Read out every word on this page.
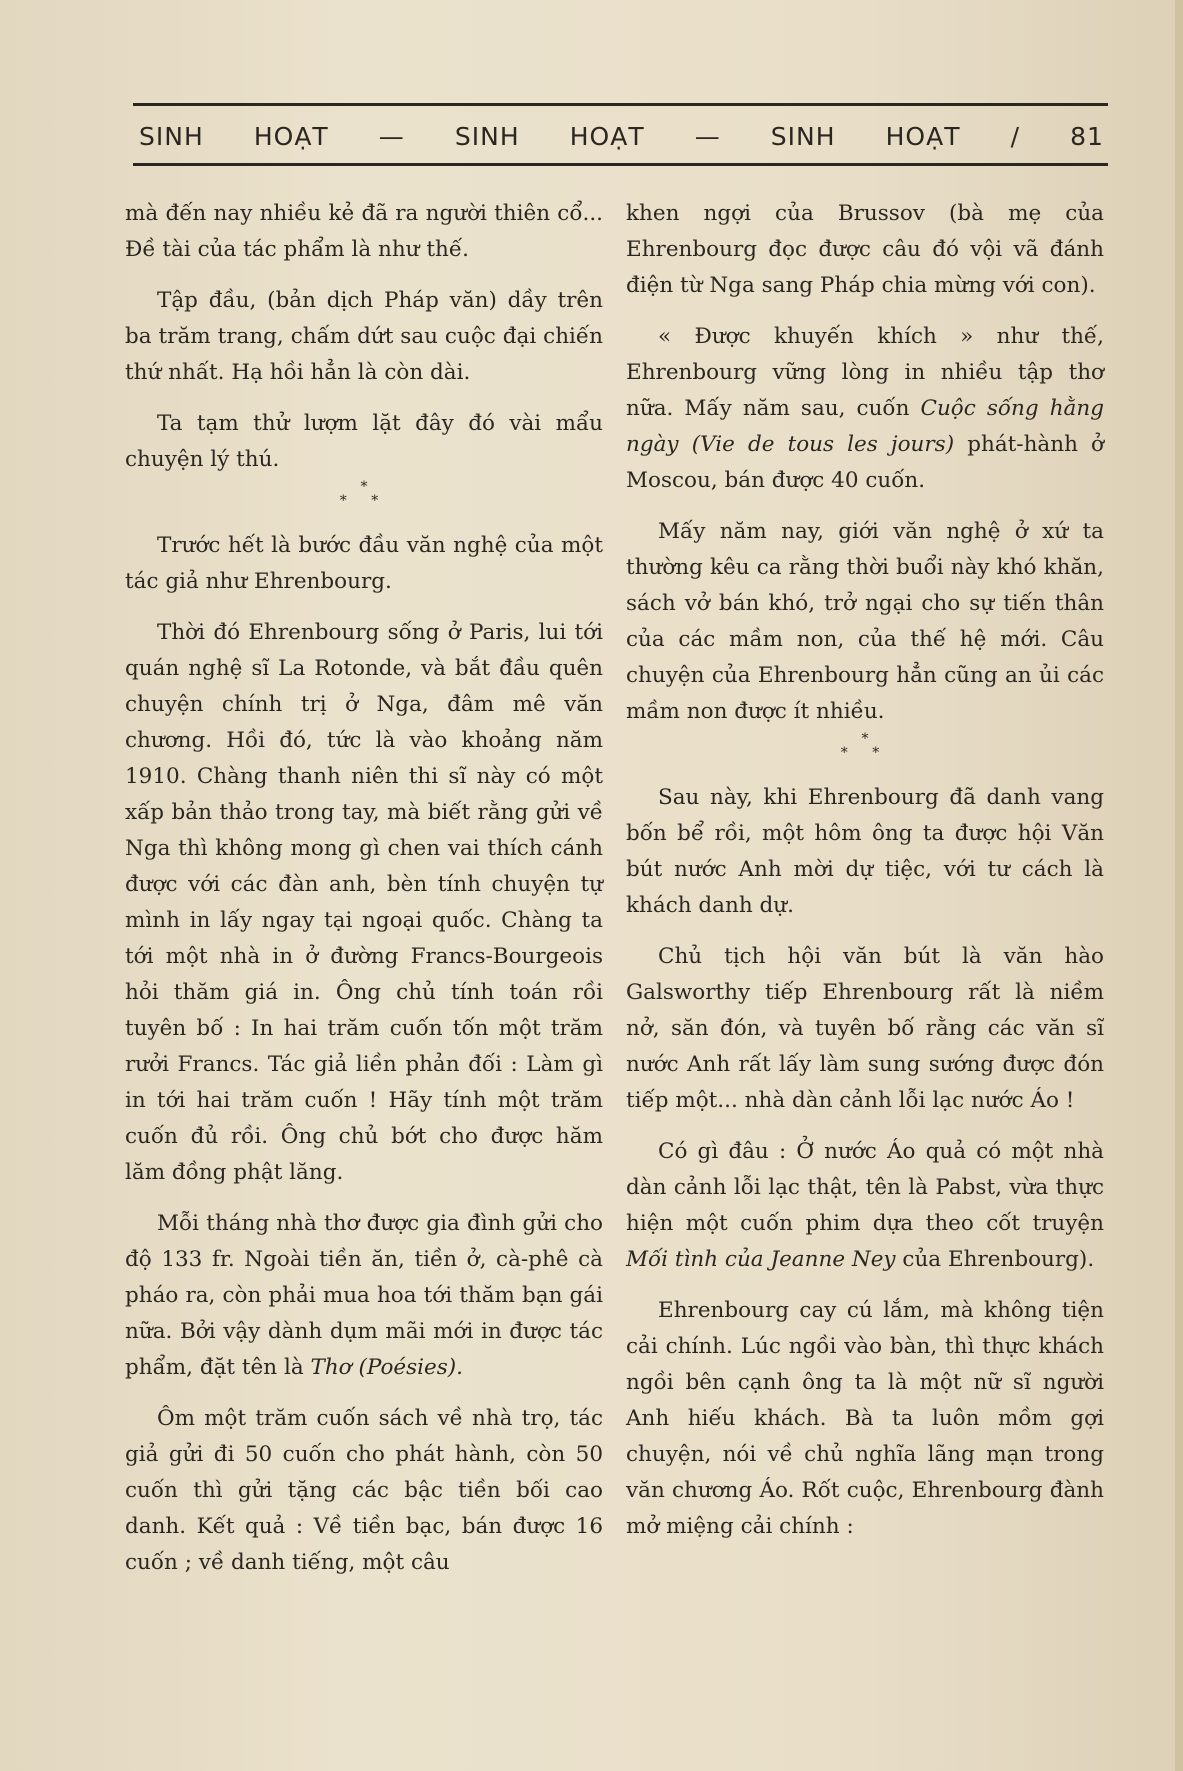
SINH HOẠT — SINH HOẠT — SINH HOẠT / 81

mà đến nay nhiều kẻ đã ra người thiên cổ... Đề tài của tác phẩm là như thế.

Tập đầu, (bản dịch Pháp văn) dầy trên ba trăm trang, chấm dứt sau cuộc đại chiến thứ nhất. Hạ hồi hẳn là còn dài.

Ta tạm thử lượm lặt đây đó vài mẩu chuyện lý thú.

*
* *

Trước hết là bước đầu văn nghệ của một tác giả như Ehrenbourg.

Thời đó Ehrenbourg sống ở Paris, lui tới quán nghệ sĩ La Rotonde, và bắt đầu quên chuyện chính trị ở Nga, đâm mê văn chương. Hồi đó, tức là vào khoảng năm 1910. Chàng thanh niên thi sĩ này có một xấp bản thảo trong tay, mà biết rằng gửi về Nga thì không mong gì chen vai thích cánh được với các đàn anh, bèn tính chuyện tự mình in lấy ngay tại ngoại quốc. Chàng ta tới một nhà in ở đường Francs-Bourgeois hỏi thăm giá in. Ông chủ tính toán rồi tuyên bố : In hai trăm cuốn tốn một trăm rưởi Francs. Tác giả liền phản đối : Làm gì in tới hai trăm cuốn ! Hãy tính một trăm cuốn đủ rồi. Ông chủ bớt cho được hăm lăm đồng phật lăng.

Mỗi tháng nhà thơ được gia đình gửi cho độ 133 fr. Ngoài tiền ăn, tiền ở, cà-phê cà pháo ra, còn phải mua hoa tới thăm bạn gái nữa. Bởi vậy dành dụm mãi mới in được tác phẩm, đặt tên là Thơ (Poésies).

Ôm một trăm cuốn sách về nhà trọ, tác giả gửi đi 50 cuốn cho phát hành, còn 50 cuốn thì gửi tặng các bậc tiền bối cao danh. Kết quả : Về tiền bạc, bán được 16 cuốn ; về danh tiếng, một câu

khen ngợi của Brussov (bà mẹ của Ehrenbourg đọc được câu đó vội vã đánh điện từ Nga sang Pháp chia mừng với con).

« Được khuyến khích » như thế, Ehrenbourg vững lòng in nhiều tập thơ nữa. Mấy năm sau, cuốn Cuộc sống hằng ngày (Vie de tous les jours) phát-hành ở Moscou, bán được 40 cuốn.

Mấy năm nay, giới văn nghệ ở xứ ta thường kêu ca rằng thời buổi này khó khăn, sách vở bán khó, trở ngại cho sự tiến thân của các mầm non, của thế hệ mới. Câu chuyện của Ehrenbourg hẳn cũng an ủi các mầm non được ít nhiều.

*
* *

Sau này, khi Ehrenbourg đã danh vang bốn bể rồi, một hôm ông ta được hội Văn bút nước Anh mời dự tiệc, với tư cách là khách danh dự.

Chủ tịch hội văn bút là văn hào Galsworthy tiếp Ehrenbourg rất là niềm nở, săn đón, và tuyên bố rằng các văn sĩ nước Anh rất lấy làm sung sướng được đón tiếp một... nhà dàn cảnh lỗi lạc nước Áo !

Có gì đâu : Ở nước Áo quả có một nhà dàn cảnh lỗi lạc thật, tên là Pabst, vừa thực hiện một cuốn phim dựa theo cốt truyện Mối tình của Jeanne Ney của Ehrenbourg).

Ehrenbourg cay cú lắm, mà không tiện cải chính. Lúc ngồi vào bàn, thì thực khách ngồi bên cạnh ông ta là một nữ sĩ người Anh hiếu khách. Bà ta luôn mồm gợi chuyện, nói về chủ nghĩa lãng mạn trong văn chương Áo. Rốt cuộc, Ehrenbourg đành mở miệng cải chính :
